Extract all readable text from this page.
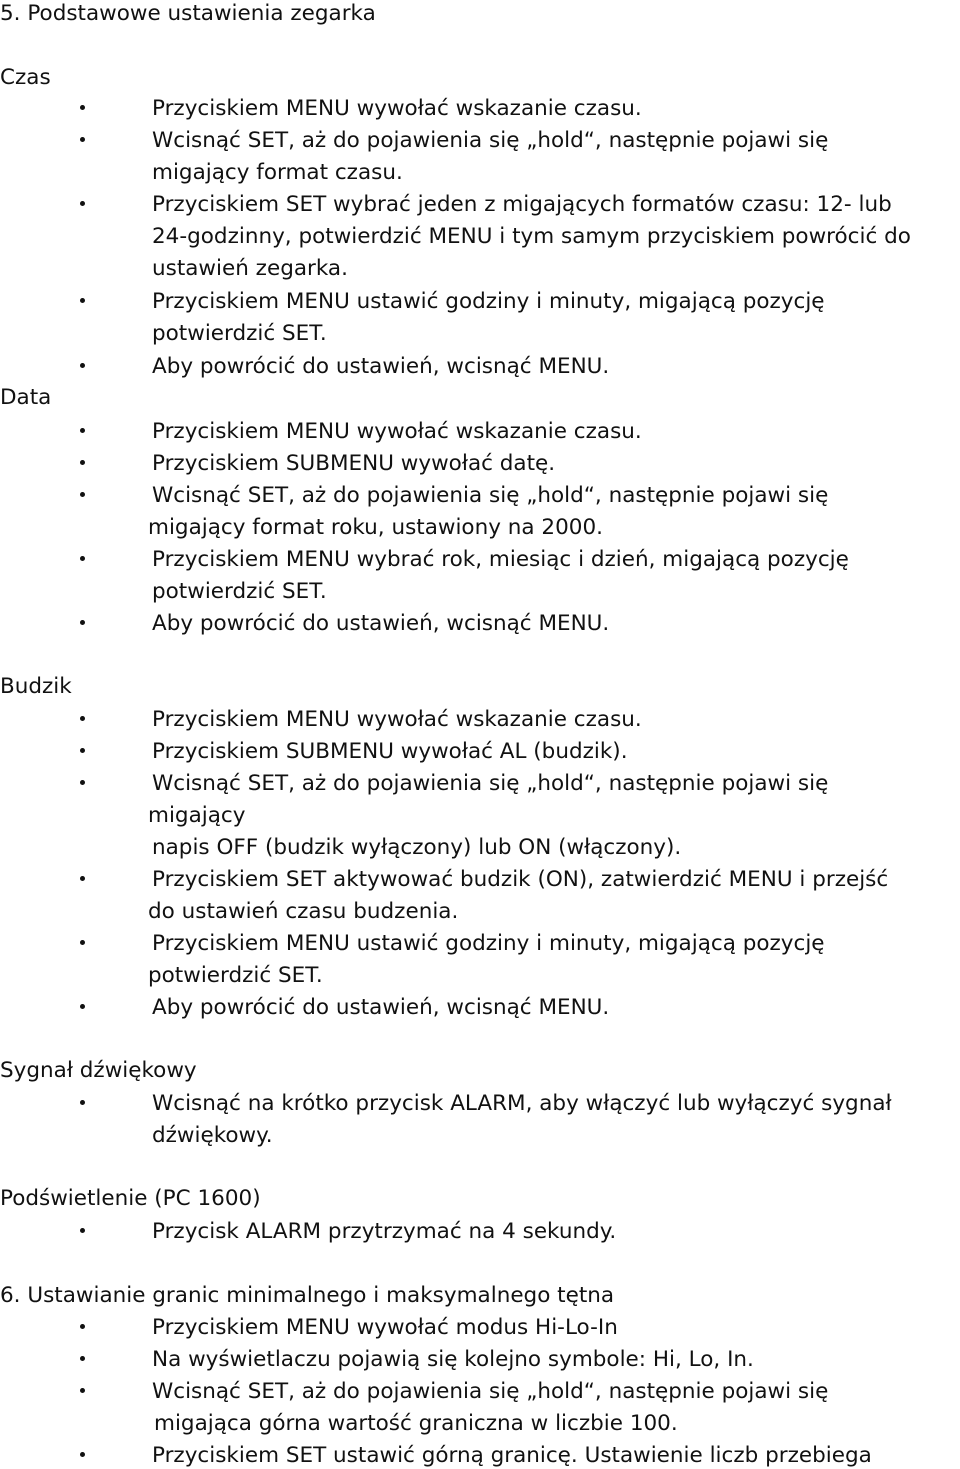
5. Podstawowe ustawienia zegarka
Czas
Przyciskiem MENU wywołać wskazanie czasu.
Wcisnąć SET, aż do pojawienia się „hold“, następnie pojawi się
migający format czasu.
Przyciskiem SET wybrać jeden z migających formatów czasu: 12- lub
24-godzinny, potwierdzić MENU i tym samym przyciskiem powrócić do
ustawień zegarka.
Przyciskiem MENU ustawić godziny i minuty, migającą pozycję
potwierdzić SET.
Aby powrócić do ustawień, wcisnąć MENU.
Data
Przyciskiem MENU wywołać wskazanie czasu.
Przyciskiem SUBMENU wywołać datę.
Wcisnąć SET, aż do pojawienia się „hold“, następnie pojawi się
migający format roku, ustawiony na 2000.
Przyciskiem MENU wybrać rok, miesiąc i dzień, migającą pozycję
potwierdzić SET.
Aby powrócić do ustawień, wcisnąć MENU.
Budzik
Przyciskiem MENU wywołać wskazanie czasu.
Przyciskiem SUBMENU wywołać AL (budzik).
Wcisnąć SET, aż do pojawienia się „hold“, następnie pojawi się
migający
napis OFF (budzik wyłączony) lub ON (włączony).
Przyciskiem SET aktywować budzik (ON), zatwierdzić MENU i przejść
do ustawień czasu budzenia.
Przyciskiem MENU ustawić godziny i minuty, migającą pozycję
potwierdzić SET.
Aby powrócić do ustawień, wcisnąć MENU.
Sygnał dźwiękowy
Wcisnąć na krótko przycisk ALARM, aby włączyć lub wyłączyć sygnał
dźwiękowy.
Podświetlenie (PC 1600)
Przycisk ALARM przytrzymać na 4 sekundy.
6. Ustawianie granic minimalnego i maksymalnego tętna
Przyciskiem MENU wywołać modus Hi-Lo-In
Na wyświetlaczu pojawią się kolejno symbole: Hi, Lo, In.
Wcisnąć SET, aż do pojawienia się „hold“, następnie pojawi się
migająca górna wartość graniczna w liczbie 100.
Przyciskiem SET ustawić górną granicę. Ustawienie liczb przebiega
